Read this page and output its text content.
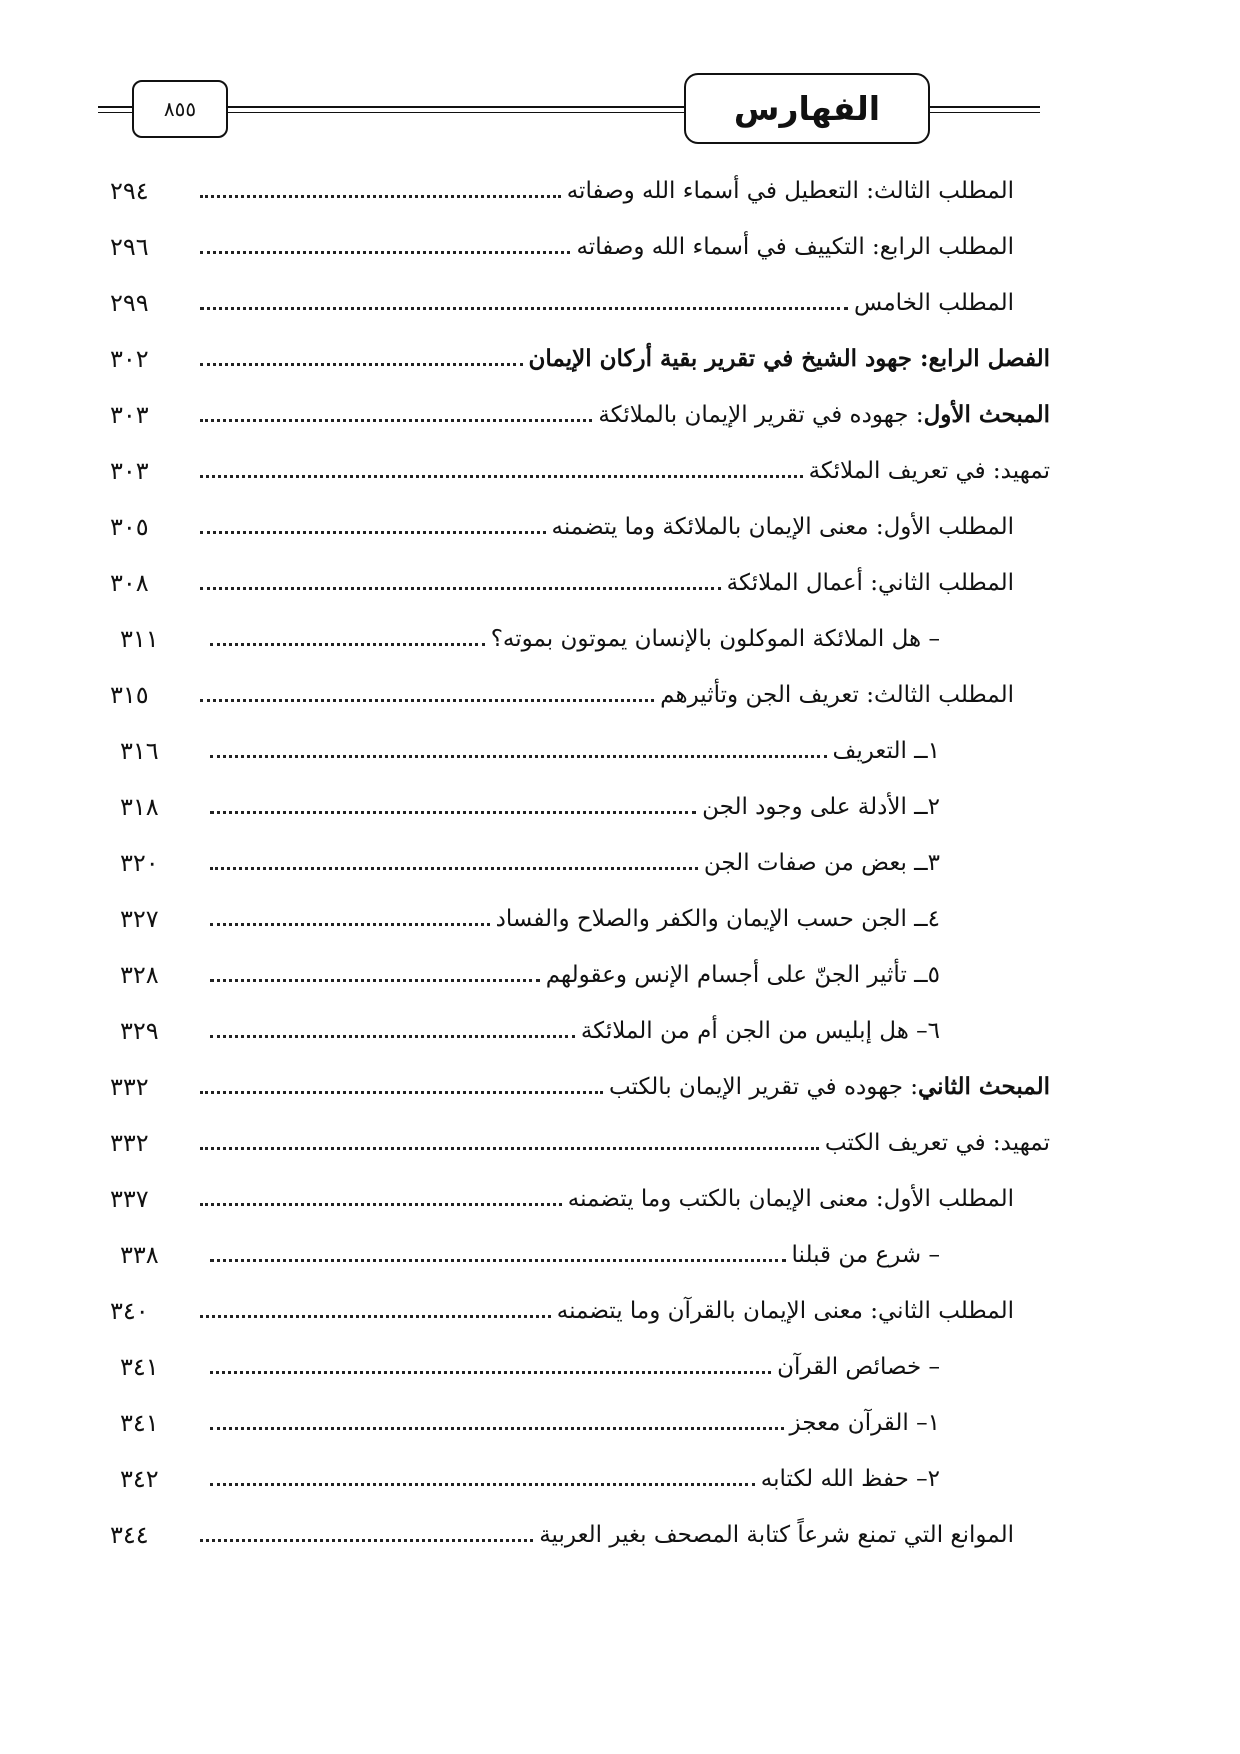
الفهارس
٨٥٥
المطلب الثالث: التعطيل في أسماء الله وصفاته
٢٩٤
المطلب الرابع: التكييف في أسماء الله وصفاته
٢٩٦
المطلب الخامس
٢٩٩
الفصل الرابع: جهود الشيخ في تقرير بقية أركان الإيمان
٣٠٢
المبحث الأول: جهوده في تقرير الإيمان بالملائكة
٣٠٣
تمهيد: في تعريف الملائكة
٣٠٣
المطلب الأول: معنى الإيمان بالملائكة وما يتضمنه
٣٠٥
المطلب الثاني: أعمال الملائكة
٣٠٨
– هل الملائكة الموكلون بالإنسان يموتون بموته؟
٣١١
المطلب الثالث: تعريف الجن وتأثيرهم
٣١٥
١ــ التعريف
٣١٦
٢ــ الأدلة على وجود الجن
٣١٨
٣ــ بعض من صفات الجن
٣٢٠
٤ــ الجن حسب الإيمان والكفر والصلاح والفساد
٣٢٧
٥ــ تأثير الجنّ على أجسام الإنس وعقولهم
٣٢٨
٦– هل إبليس من الجن أم من الملائكة
٣٢٩
المبحث الثاني: جهوده في تقرير الإيمان بالكتب
٣٣٢
تمهيد: في تعريف الكتب
٣٣٢
المطلب الأول: معنى الإيمان بالكتب وما يتضمنه
٣٣٧
– شرع من قبلنا
٣٣٨
المطلب الثاني: معنى الإيمان بالقرآن وما يتضمنه
٣٤٠
– خصائص القرآن
٣٤١
١– القرآن معجز
٣٤١
٢– حفظ الله لكتابه
٣٤٢
الموانع التي تمنع شرعاً كتابة المصحف بغير العربية
٣٤٤
